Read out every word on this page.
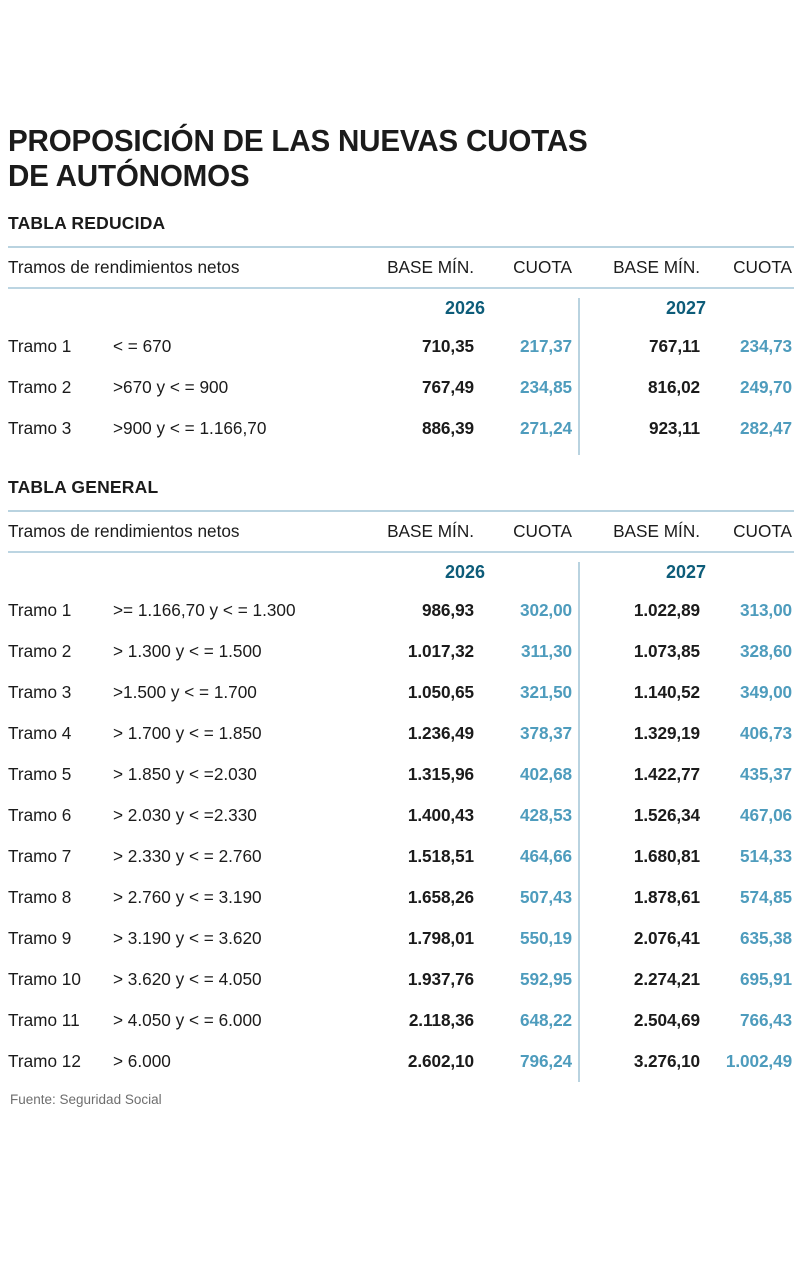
PROPOSICIÓN DE LAS NUEVAS CUOTAS
DE AUTÓNOMOS
TABLA REDUCIDA
Tramos de rendimientos netos	BASE MÍN.	CUOTA	BASE MÍN.	CUOTA
		2026		2027	
Tramo 1	< = 670	710,35	217,37	767,11	234,73
Tramo 2	>670 y < = 900	767,49	234,85	816,02	249,70
Tramo 3	>900 y < = 1.166,70	886,39	271,24	923,11	282,47
TABLA GENERAL
Tramos de rendimientos netos	BASE MÍN.	CUOTA	BASE MÍN.	CUOTA
		2026		2027	
Tramo 1	>= 1.166,70 y < = 1.300	986,93	302,00	1.022,89	313,00
Tramo 2	> 1.300 y < = 1.500	1.017,32	311,30	1.073,85	328,60
Tramo 3	>1.500 y < = 1.700	1.050,65	321,50	1.140,52	349,00
Tramo 4	> 1.700 y < = 1.850	1.236,49	378,37	1.329,19	406,73
Tramo 5	> 1.850 y < =2.030	1.315,96	402,68	1.422,77	435,37
Tramo 6	> 2.030 y < =2.330	1.400,43	428,53	1.526,34	467,06
Tramo 7	> 2.330 y < = 2.760	1.518,51	464,66	1.680,81	514,33
Tramo 8	> 2.760 y < = 3.190	1.658,26	507,43	1.878,61	574,85
Tramo 9	> 3.190 y < = 3.620	1.798,01	550,19	2.076,41	635,38
Tramo 10	> 3.620 y < = 4.050	1.937,76	592,95	2.274,21	695,91
Tramo 11	> 4.050 y < = 6.000	2.118,36	648,22	2.504,69	766,43
Tramo 12	> 6.000	2.602,10	796,24	3.276,10	1.002,49
Fuente: Seguridad Social
